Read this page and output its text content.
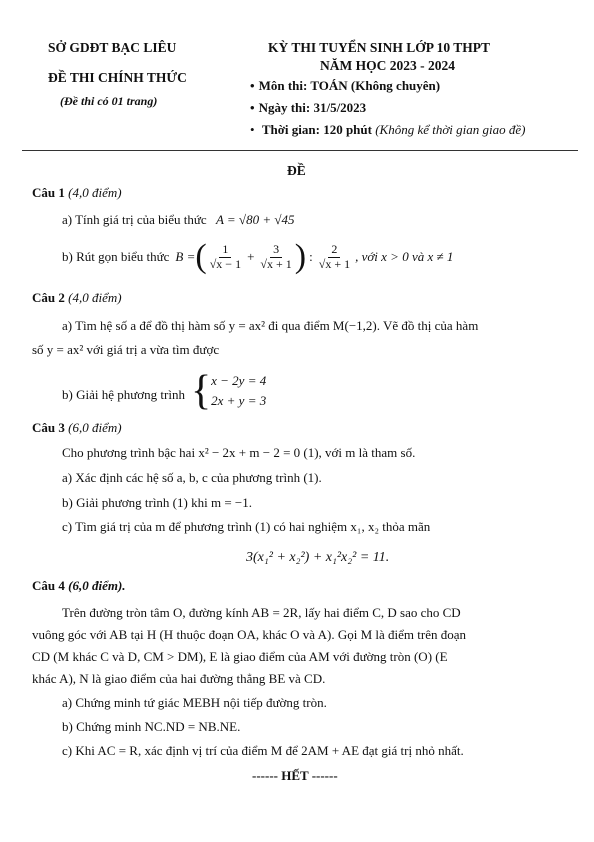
SỞ GDĐT BẠC LIÊU
ĐỀ THI CHÍNH THỨC
(Đề thi có 01 trang)
KỲ THI TUYỂN SINH LỚP 10 THPT
NĂM HỌC 2023 - 2024
• Môn thi: TOÁN (Không chuyên)
• Ngày thi: 31/5/2023
• Thời gian: 120 phút (Không kể thời gian giao đề)
ĐỀ
Câu 1 (4,0 điểm)
a) Tính giá trị của biểu thức A = √80 + √45
b) Rút gọn biểu thức B = ( $\frac{1}{√x - 1} + \frac{3}{√x + 1}$ ) : $\frac{2}{√x + 1}$ , với x > 0 và x ≠ 1
Câu 2 (4,0 điểm)
a) Tìm hệ số a để đồ thị hàm số y = ax² đi qua điểm M(−1,2). Vẽ đồ thị của hàm
số y = ax² với giá trị a vừa tìm được
b) Giải hệ phương trình { x − 2y = 4
2x + y = 3
Câu 3 (6,0 điểm)
Cho phương trình bậc hai x² − 2x + m − 2 = 0 (1), với m là tham số.
a) Xác định các hệ số a, b, c của phương trình (1).
b) Giải phương trình (1) khi m = −1.
c) Tìm giá trị của m để phương trình (1) có hai nghiệm x₁, x₂ thỏa mãn
3(x₁² + x₂²) + x₁²x₂² = 11.
Câu 4 (6,0 điểm).
Trên đường tròn tâm O, đường kính AB = 2R, lấy hai điểm C, D sao cho CD
vuông góc với AB tại H (H thuộc đoạn OA, khác O và A). Gọi M là điểm trên đoạn
CD (M khác C và D, CM > DM), E là giao điểm của AM với đường tròn (O) (E
khác A), N là giao điểm của hai đường thẳng BE và CD.
a) Chứng minh tứ giác MEBH nội tiếp đường tròn.
b) Chứng minh NC.ND = NB.NE.
c) Khi AC = R, xác định vị trí của điểm M để 2AM + AE đạt giá trị nhỏ nhất.
------ HẾT ------
